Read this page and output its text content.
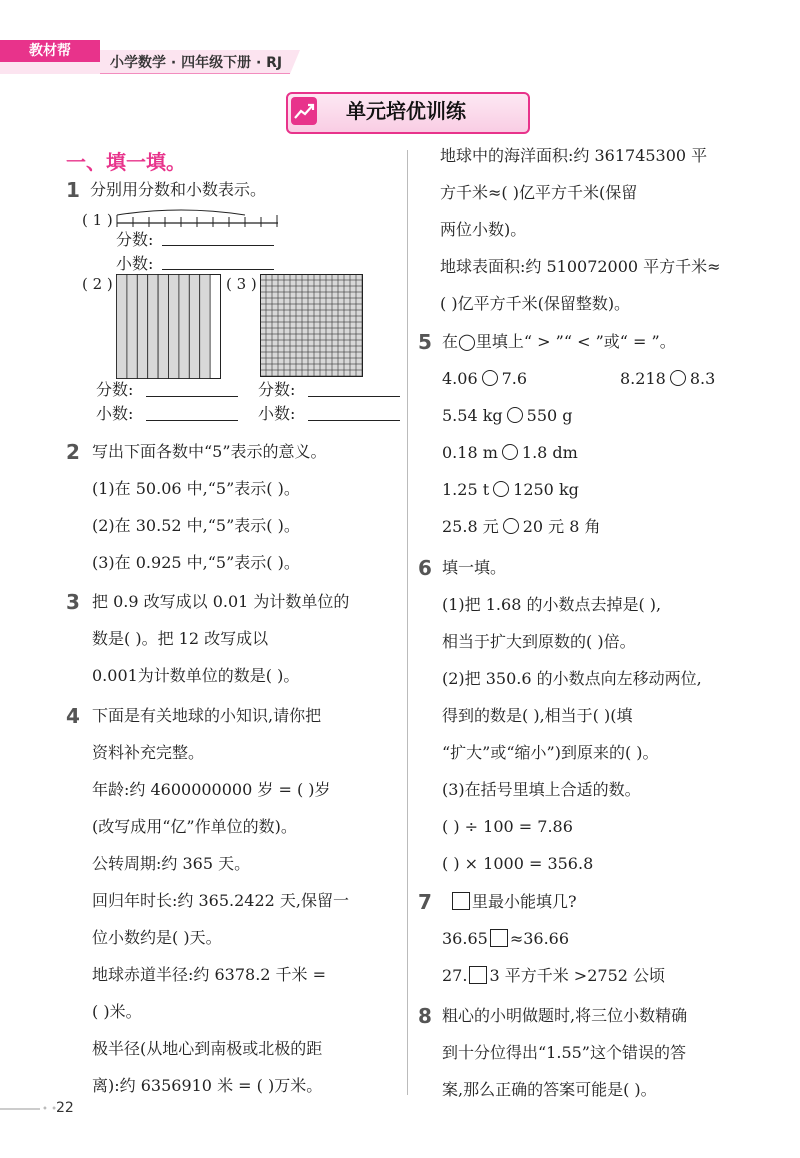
教材帮
小学数学 · 四年级下册 · RJ
单元培优训练
一、填一填。
1 分别用分数和小数表示。
( 1 )
分数:
小数:
( 2 )	( 3 )
分数:
小数:
分数:
小数:
2 写出下面各数中“5”表示的意义。
(1)在 50.06 中,“5”表示( )。
(2)在 30.52 中,“5”表示( )。
(3)在 0.925 中,“5”表示( )。
3 把 0.9 改写成以 0.01 为计数单位的
数是( )。把 12 改写成以
0.001为计数单位的数是( )。
4 下面是有关地球的小知识,请你把
资料补充完整。
年龄:约 4600000000 岁 = ( )岁
(改写成用“亿”作单位的数)。
公转周期:约 365 天。
回归年时长:约 365.2422 天,保留一
位小数约是( )天。
地球赤道半径:约 6378.2 千米 =
( )米。
极半径(从地心到南极或北极的距
离):约 6356910 米 = ( )万米。
地球中的海洋面积:约 361745300 平
方千米≈( )亿平方千米(保留
两位小数)。
地球表面积:约 510072000 平方千米≈
( )亿平方千米(保留整数)。
5 在◯里填上“ > ”“ < ”或“ = ”。
4.06 7.6	8.218 8.3
5.54 kg 550 g
0.18 m 1.8 dm
1.25 t 1250 kg
25.8 元 20 元 8 角
6 填一填。
(1)把 1.68 的小数点去掉是( ),
相当于扩大到原数的( )倍。
(2)把 350.6 的小数点向左移动两位,
得到的数是( ),相当于( )(填
“扩大”或“缩小”)到原来的( )。
(3)在括号里填上合适的数。
( ) ÷ 100 = 7.86
( ) × 1000 = 356.8
7	里最小能填几?
36.65 ≈36.66
27. 3 平方千米 >2752 公顷
8 粗心的小明做题时,将三位小数精确
到十分位得出“1.55”这个错误的答
案,那么正确的答案可能是( )。
• • 22
